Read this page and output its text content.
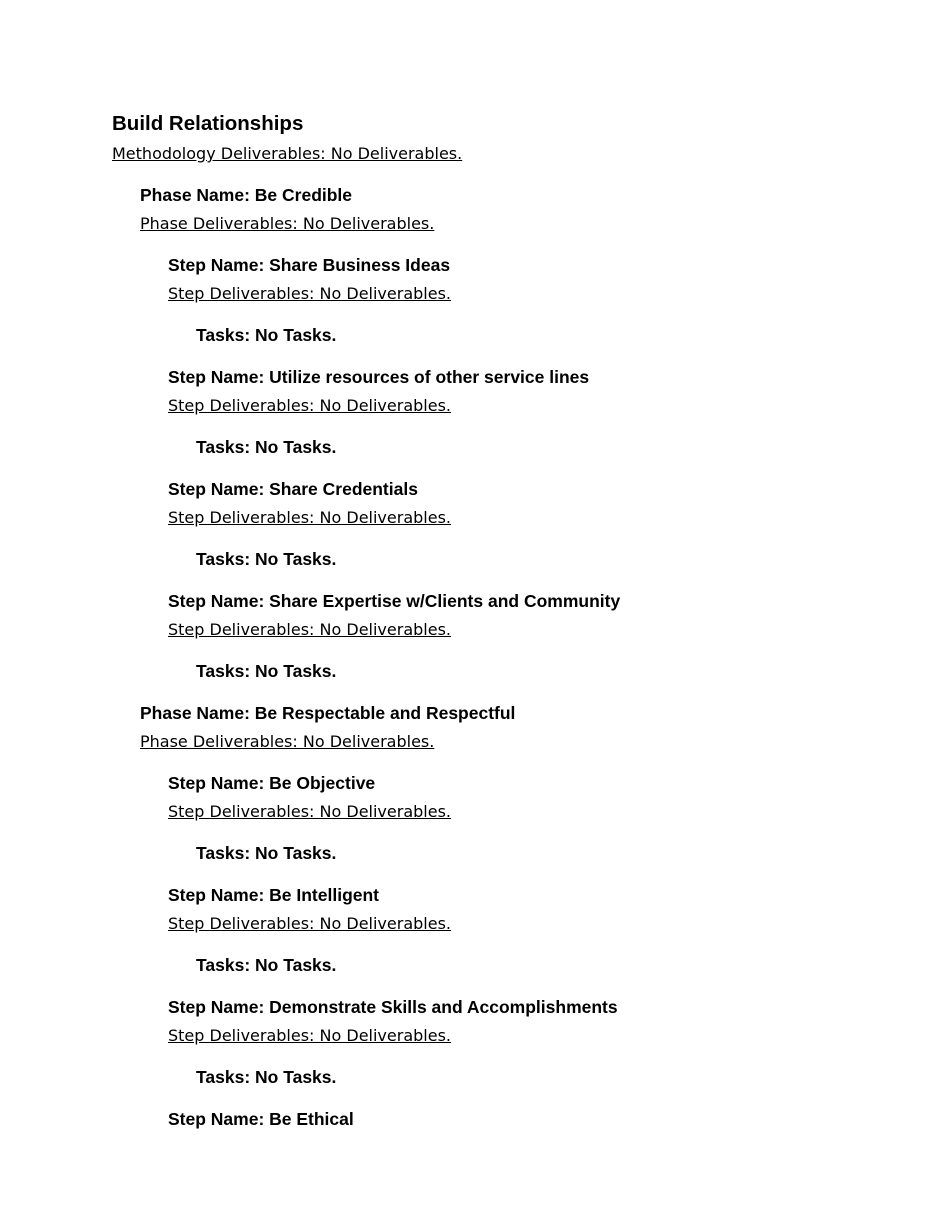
Build Relationships
Methodology Deliverables: No Deliverables.
Phase Name: Be Credible
Phase Deliverables: No Deliverables.
Step Name: Share Business Ideas
Step Deliverables: No Deliverables.
Tasks: No Tasks.
Step Name: Utilize resources of other service lines
Step Deliverables: No Deliverables.
Tasks: No Tasks.
Step Name: Share Credentials
Step Deliverables: No Deliverables.
Tasks: No Tasks.
Step Name: Share Expertise w/Clients and Community
Step Deliverables: No Deliverables.
Tasks: No Tasks.
Phase Name: Be Respectable and Respectful
Phase Deliverables: No Deliverables.
Step Name: Be Objective
Step Deliverables: No Deliverables.
Tasks: No Tasks.
Step Name: Be Intelligent
Step Deliverables: No Deliverables.
Tasks: No Tasks.
Step Name: Demonstrate Skills and Accomplishments
Step Deliverables: No Deliverables.
Tasks: No Tasks.
Step Name: Be Ethical
